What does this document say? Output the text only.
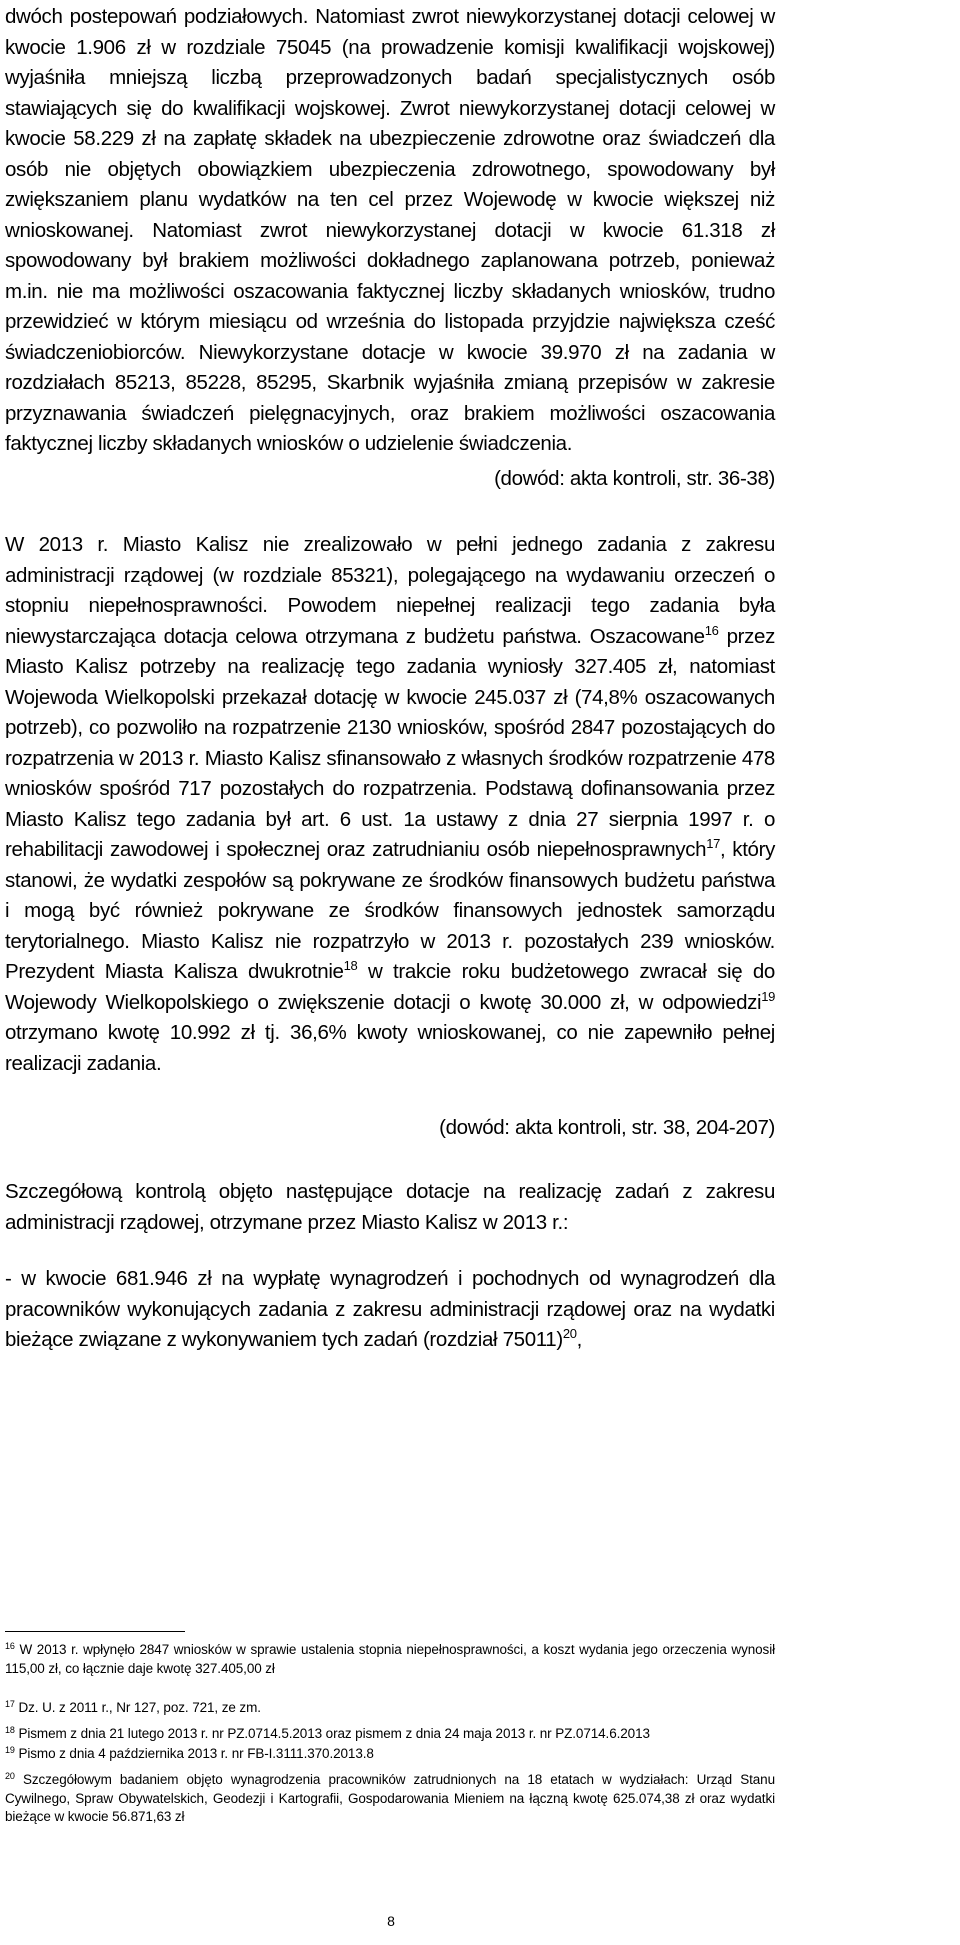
dwóch postepowań podziałowych. Natomiast zwrot niewykorzystanej dotacji celowej w kwocie 1.906 zł w rozdziale 75045 (na prowadzenie komisji kwalifikacji wojskowej) wyjaśniła mniejszą liczbą przeprowadzonych badań specjalistycznych osób stawiających się do kwalifikacji wojskowej. Zwrot niewykorzystanej dotacji celowej w kwocie 58.229 zł na zapłatę składek na ubezpieczenie zdrowotne oraz świadczeń dla osób nie objętych obowiązkiem ubezpieczenia zdrowotnego, spowodowany był zwiększaniem planu wydatków na ten cel przez Wojewodę w kwocie większej niż wnioskowanej. Natomiast zwrot niewykorzystanej dotacji w kwocie 61.318 zł spowodowany był brakiem możliwości dokładnego zaplanowana potrzeb, ponieważ m.in. nie ma możliwości oszacowania faktycznej liczby składanych wniosków, trudno przewidzieć w którym miesiącu od września do listopada przyjdzie największa cześć świadczeniobiorców. Niewykorzystane dotacje w kwocie 39.970 zł na zadania w rozdziałach 85213, 85228, 85295, Skarbnik wyjaśniła zmianą przepisów w zakresie przyznawania świadczeń pielęgnacyjnych, oraz brakiem możliwości oszacowania faktycznej liczby składanych wniosków o udzielenie świadczenia.

(dowód: akta kontroli, str. 36-38)

W 2013 r. Miasto Kalisz nie zrealizowało w pełni jednego zadania z zakresu administracji rządowej (w rozdziale 85321), polegającego na wydawaniu orzeczeń o stopniu niepełnosprawności. Powodem niepełnej realizacji tego zadania była niewystarczająca dotacja celowa otrzymana z budżetu państwa. Oszacowane$^{16}$ przez Miasto Kalisz potrzeby na realizację tego zadania wyniosły 327.405 zł, natomiast Wojewoda Wielkopolski przekazał dotację w kwocie 245.037 zł (74,8% oszacowanych potrzeb), co pozwoliło na rozpatrzenie 2130 wniosków, spośród 2847 pozostających do rozpatrzenia w 2013 r. Miasto Kalisz sfinansowało z własnych środków rozpatrzenie 478 wniosków spośród 717 pozostałych do rozpatrzenia. Podstawą dofinansowania przez Miasto Kalisz tego zadania był art. 6 ust. 1a ustawy z dnia 27 sierpnia 1997 r. o rehabilitacji zawodowej i społecznej oraz zatrudnianiu osób niepełnosprawnych$^{17}$, który stanowi, że wydatki zespołów są pokrywane ze środków finansowych budżetu państwa i mogą być również pokrywane ze środków finansowych jednostek samorządu terytorialnego. Miasto Kalisz nie rozpatrzyło w 2013 r. pozostałych 239 wniosków. Prezydent Miasta Kalisza dwukrotnie$^{18}$ w trakcie roku budżetowego zwracał się do Wojewody Wielkopolskiego o zwiększenie dotacji o kwotę 30.000 zł, w odpowiedzi$^{19}$ otrzymano kwotę 10.992 zł tj. 36,6% kwoty wnioskowanej, co nie zapewniło pełnej realizacji zadania.

(dowód: akta kontroli, str. 38, 204-207)

Szczegółową kontrolą objęto następujące dotacje na realizację zadań z zakresu administracji rządowej, otrzymane przez Miasto Kalisz w 2013 r.:

- w kwocie 681.946 zł na wypłatę wynagrodzeń i pochodnych od wynagrodzeń dla pracowników wykonujących zadania z zakresu administracji rządowej oraz na wydatki bieżące związane z wykonywaniem tych zadań (rozdział 75011)$^{20}$,

$^{16}$ W 2013 r. wpłynęło 2847 wniosków w sprawie ustalenia stopnia niepełnosprawności, a koszt wydania jego orzeczenia wynosił 115,00 zł, co łącznie daje kwotę 327.405,00 zł

$^{17}$ Dz. U. z 2011 r., Nr 127, poz. 721, ze zm.

$^{18}$ Pismem z dnia 21 lutego 2013 r. nr PZ.0714.5.2013 oraz pismem z dnia 24 maja 2013 r. nr PZ.0714.6.2013

$^{19}$ Pismo z dnia 4 października 2013 r. nr FB-I.3111.370.2013.8

$^{20}$ Szczegółowym badaniem objęto wynagrodzenia pracowników zatrudnionych na 18 etatach w wydziałach: Urząd Stanu Cywilnego, Spraw Obywatelskich, Geodezji i Kartografii, Gospodarowania Mieniem na łączną kwotę 625.074,38 zł oraz wydatki bieżące w kwocie 56.871,63 zł

8
